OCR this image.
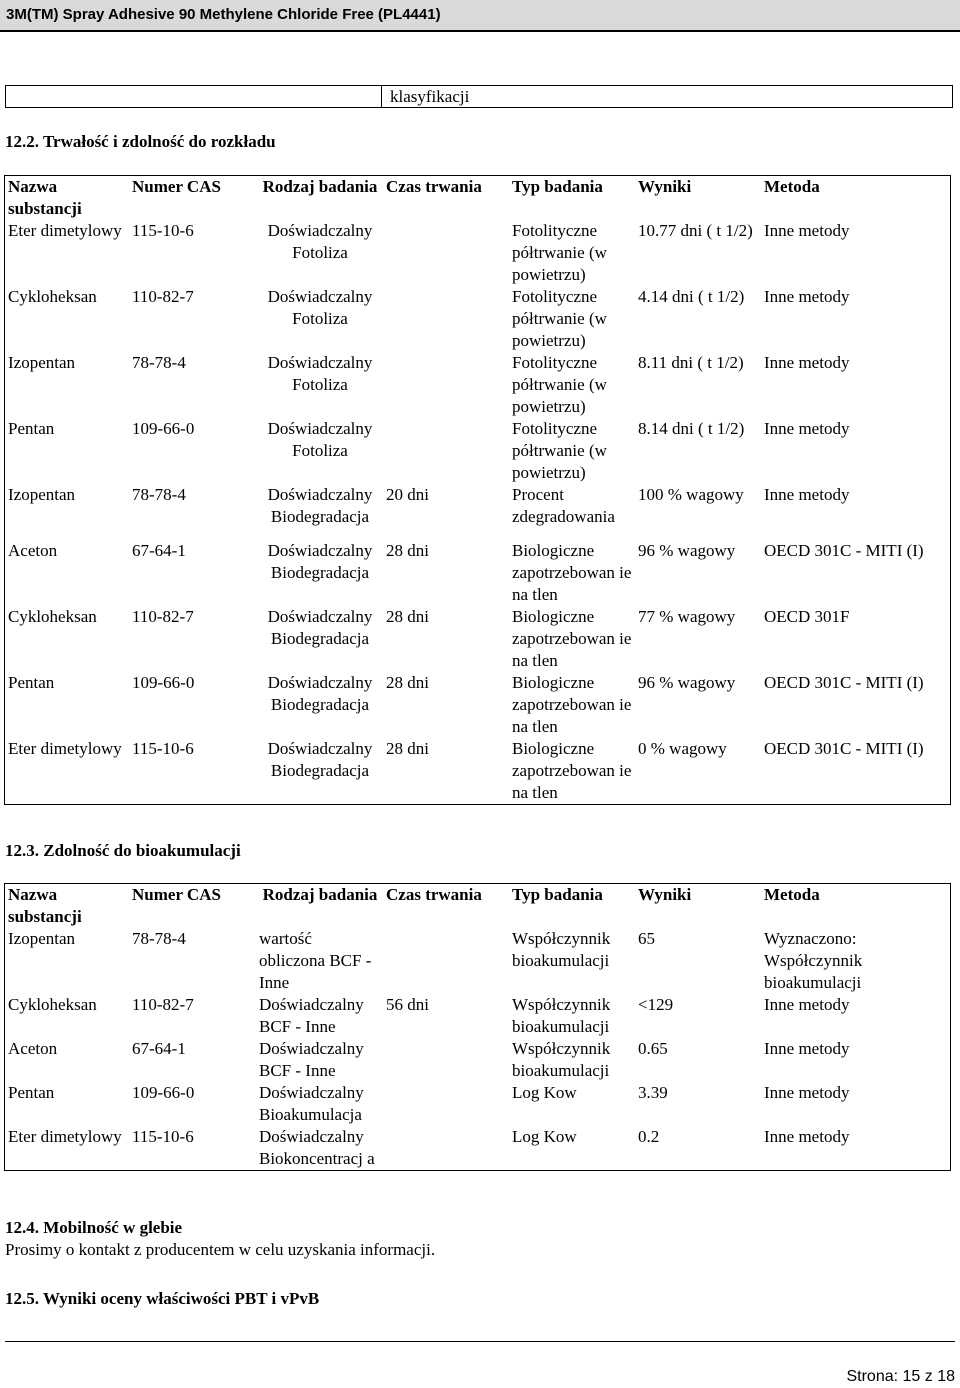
3M(TM) Spray Adhesive 90 Methylene Chloride Free (PL4441)
klasyfikacji
12.2. Trwałość i zdolność do rozkładu
Nazwa substancji	Numer CAS	Rodzaj badania	Czas trwania	Typ badania	Wyniki	Metoda
Eter dimetylowy	115-10-6	Doświadczalny Fotoliza		Fotolityczne półtrwanie (w powietrzu)	10.77 dni ( t 1/2)	Inne metody
Cykloheksan	110-82-7	Doświadczalny Fotoliza		Fotolityczne półtrwanie (w powietrzu)	4.14 dni ( t 1/2)	Inne metody
Izopentan	78-78-4	Doświadczalny Fotoliza		Fotolityczne półtrwanie (w powietrzu)	8.11 dni ( t 1/2)	Inne metody
Pentan	109-66-0	Doświadczalny Fotoliza		Fotolityczne półtrwanie (w powietrzu)	8.14 dni ( t 1/2)	Inne metody
Izopentan	78-78-4	Doświadczalny Biodegradacja	20 dni	Procent zdegradowania	100 % wagowy	Inne metody

Aceton	67-64-1	Doświadczalny Biodegradacja	28 dni	Biologiczne zapotrzebowan ie na tlen	96 % wagowy	OECD 301C - MITI (I)
Cykloheksan	110-82-7	Doświadczalny Biodegradacja	28 dni	Biologiczne zapotrzebowan ie na tlen	77 % wagowy	OECD 301F
Pentan	109-66-0	Doświadczalny Biodegradacja	28 dni	Biologiczne zapotrzebowan ie na tlen	96 % wagowy	OECD 301C - MITI (I)
Eter dimetylowy	115-10-6	Doświadczalny Biodegradacja	28 dni	Biologiczne zapotrzebowan ie na tlen	0 % wagowy	OECD 301C - MITI (I)
12.3. Zdolność do bioakumulacji
Nazwa substancji	Numer CAS	Rodzaj badania	Czas trwania	Typ badania	Wyniki	Metoda
Izopentan	78-78-4	wartość obliczona BCF - Inne		Współczynnik bioakumulacji	65	Wyznaczono: Współczynnik bioakumulacji
Cykloheksan	110-82-7	Doświadczalny BCF - Inne	56 dni	Współczynnik bioakumulacji	<129	Inne metody
Aceton	67-64-1	Doświadczalny BCF - Inne		Współczynnik bioakumulacji	0.65	Inne metody
Pentan	109-66-0	Doświadczalny Bioakumulacja		Log Kow	3.39	Inne metody
Eter dimetylowy	115-10-6	Doświadczalny Biokoncentracj a		Log Kow	0.2	Inne metody
12.4. Mobilność w glebie
Prosimy o kontakt z producentem w celu uzyskania informacji.
12.5. Wyniki oceny właściwości PBT i vPvB
Strona: 15 z 18
